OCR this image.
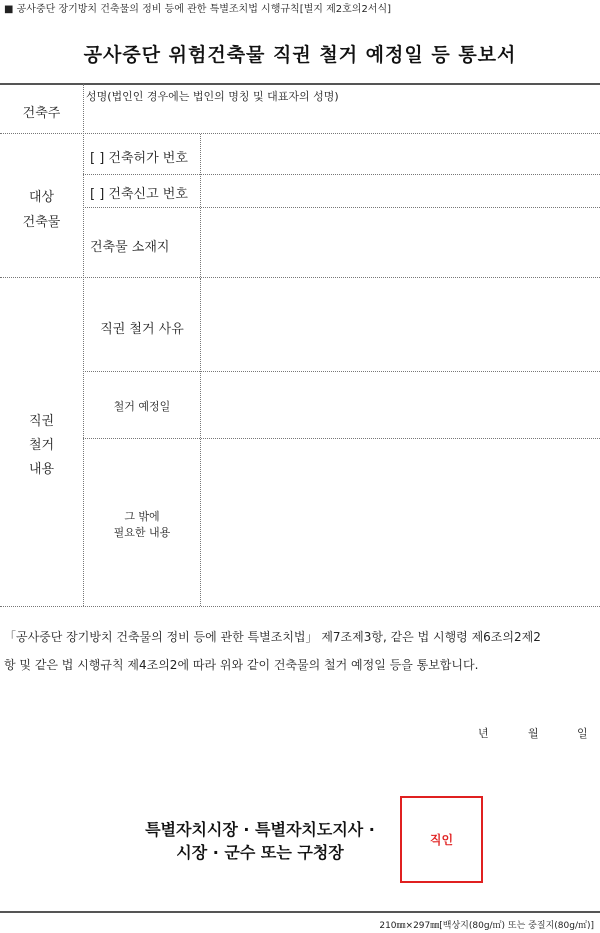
■ 공사중단 장기방치 건축물의 정비 등에 관한 특별조치법 시행규칙[별지 제2호의2서식]
공사중단 위험건축물 직권 철거 예정일 등 통보서
건축주
성명(법인인 경우에는 법인의 명칭 및 대표자의 성명)
대상
건축물
[ ] 건축허가 번호
[ ] 건축신고 번호
건축물 소재지
직권
철거
내용
직권 철거 사유
철거 예정일
그 밖에
필요한 내용
「공사중단 장기방치 건축물의 정비 등에 관한 특별조치법」 제7조제3항, 같은 법 시행령 제6조의2제2
항 및 같은 법 시행규칙 제4조의2에 따라 위와 같이 건축물의 철거 예정일 등을 통보합니다.
년	월	일
특별자치시장 · 특별자치도지사 ·
시장 · 군수 또는 구청장
직인
210㎜×297㎜[백상지(80g/㎡) 또는 중질지(80g/㎡)]
